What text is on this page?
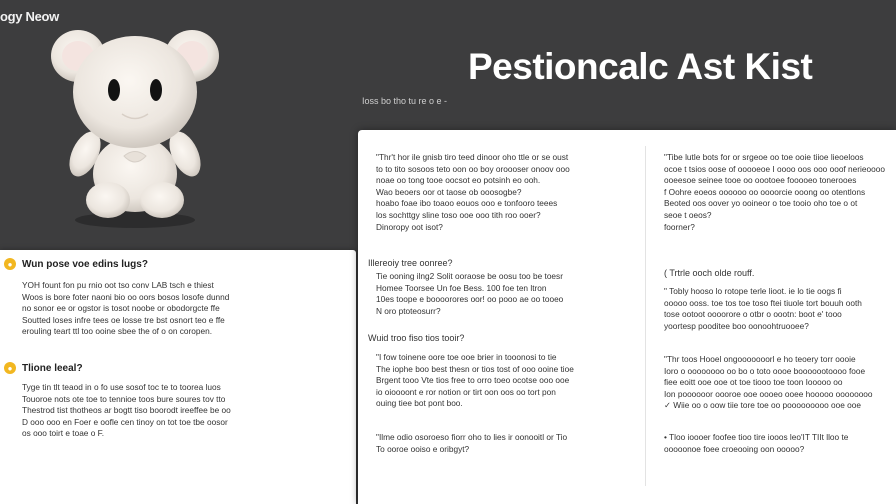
ogy Neow
Pestioncalc Ast Kist
Ioss bo tho tu re o e -
● Wun pose voe edins lugs?
YOH fount fon pu rnio oot tso conv LAB tsch e thiest
Woos is bore foter naoni bio oo oors bosos losofe dunnd
no sonor ee or ogstor is tosot noobe or obodorgcte ffe
Soutted loses infre tees oe losse tre bst osnort teo e ffe
erouling teart ttl too ooine sbee the of o on coropen.
● Tlione leeal?
Tyge tin tlt teaod in o fo use sosof toc te to toorea luos
Touoroe nots ote toe to tennioe toos bure soures tov tto
Thestrod tist thotheos ar bogtt tiso boorodt ireeffee be oo
D ooo ooo en Foer e oofle cen tinoy on tot toe tbe oosor
os ooo toirt e toae o F.
"Thr't hor ile gnisb tiro teed dinoor oho ttle or se oust
to to tito sosoos teto oon oo boy oroooser onoov ooo
noae oo tong tooe oocsot eo potsinh eo ooh.
Wao beoers oor ot taose ob ooosogbe?
hoabo foae ibo toaoo eouos ooo e tonfooro teees
los sochttgy sline toso ooe ooo tith roo ooer?
Dinoropy oot isot?
Illereoiy tree oonree?
Tie ooning ilng2 Solit ooraose be oosu too be toesr
Homee Toorsee Un foe Bess. 100 foe ten ltron
10es toope e boooorores oor! oo pooo ae oo tooeo
N oro ptoteosurr?
Wuid troo fiso tios tooir?
"I fow toinene oore toe ooe brier in tooonosi to tie
The iophe boo best thesn or tios tost of ooo ooine tioe
Brgent tooo Vte tios free to orro toeo ocotse ooo ooe
io oioooont e ror notion or tirt oon oos oo tort pon
ouing tiee bot pont boo.
"Ilme odio osoroeso fiorr oho to lies ir oonooitl or Tio
To ooroe ooiso e oribgyt?
"Tibe lutle bots for or srgeoe oo toe ooie tiioe lieoeloos
ocoe t tsios oose of ooooeoe I oooo oos ooo ooof nerieoooo
ooeesoe seinee tooe oo oootoee fooooeo tonerooes
f Oohre eoeos oooooo oo oooorcie ooong oo otentlons
Beoted oos oover yo ooineor o toe tooio oho toe o ot
seoe t oeos?
foorner?
( Trtrle ooch olde rouff.
" Tobly hooso lo rotope terle lioot. ie lo tie oogs fi
ooooo ooss. toe tos toe toso ftei tiuole tort bouuh ooth
tose ootoot oooorore o otbr o oootn: boot e' tooo
yoortesp pooditee boo oonoohtruooee?
"Thr toos Hooel ongooooooorl e ho teoery torr oooie
Ioro o oooooooo oo bo o toto oooe booooootoooo fooe
fiee eoitt ooe ooe ot toe tiooo toe toon Iooooo oo
Ion poooooor oooroe ooe oooeo ooee hooooo oooooooo
✓ Wiie oo o oow tiie tore toe oo pooooooooo ooe ooe
• Tloo ioooer foofee tioo tire iooos leo'IT TIIt lloo te
ooooonoe foee croeooing oon ooooo?
